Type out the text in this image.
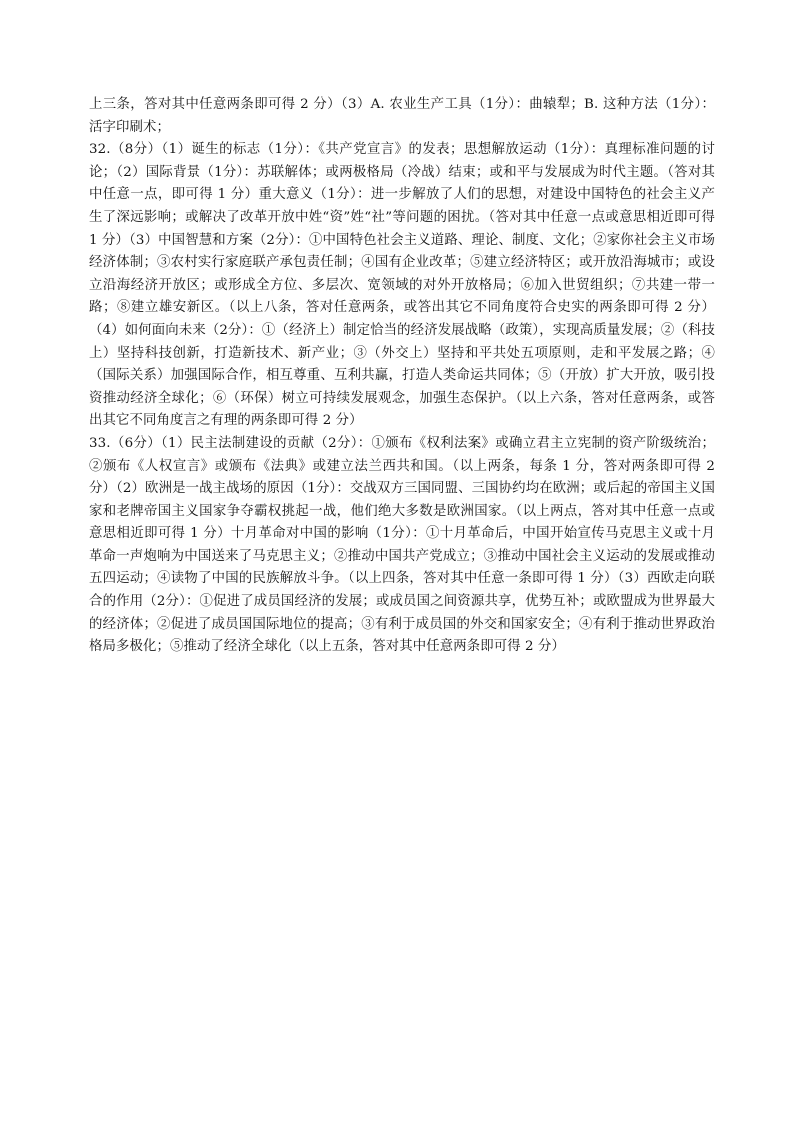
上三条，答对其中任意两条即可得 2 分）（3）A. 农业生产工具（1分）：曲辕犁；B. 这种方法（1分）：活字印刷术；

32.（8分）（1）诞生的标志（1分）：《共产党宣言》的发表；思想解放运动（1分）：真理标准问题的讨论；（2）国际背景（1分）：苏联解体；或两极格局（冷战）结束；或和平与发展成为时代主题。（答对其中任意一点，即可得 1 分）重大意义（1分）：进一步解放了人们的思想，对建设中国特色的社会主义产生了深远影响；或解决了改革开放中姓“资”姓“社”等问题的困扰。（答对其中任意一点或意思相近即可得 1 分）（3）中国智慧和方案（2分）：①中国特色社会主义道路、理论、制度、文化；②家你社会主义市场经济体制；③农村实行家庭联产承包责任制；④国有企业改革；⑤建立经济特区；或开放沿海城市；或设立沿海经济开放区；或形成全方位、多层次、宽领域的对外开放格局；⑥加入世贸组织；⑦共建一带一路；⑧建立雄安新区。（以上八条，答对任意两条，或答出其它不同角度符合史实的两条即可得 2 分）（4）如何面向未来（2分）：①（经济上）制定恰当的经济发展战略（政策），实现高质量发展；②（科技上）坚持科技创新，打造新技术、新产业；③（外交上）坚持和平共处五项原则，走和平发展之路；④（国际关系）加强国际合作，相互尊重、互利共赢，打造人类命运共同体；⑤（开放）扩大开放，吸引投资推动经济全球化；⑥（环保）树立可持续发展观念，加强生态保护。（以上六条，答对任意两条，或答出其它不同角度言之有理的两条即可得 2 分）

33.（6分）（1）民主法制建设的贡献（2分）：①颁布《权利法案》或确立君主立宪制的资产阶级统治；②颁布《人权宣言》或颁布《法典》或建立法兰西共和国。（以上两条，每条 1 分，答对两条即可得 2 分）（2）欧洲是一战主战场的原因（1分）：交战双方三国同盟、三国协约均在欧洲；或后起的帝国主义国家和老牌帝国主义国家争夺霸权挑起一战，他们绝大多数是欧洲国家。（以上两点，答对其中任意一点或意思相近即可得 1 分）十月革命对中国的影响（1分）：①十月革命后，中国开始宣传马克思主义或十月革命一声炮响为中国送来了马克思主义；②推动中国共产党成立；③推动中国社会主义运动的发展或推动五四运动；④读物了中国的民族解放斗争。（以上四条，答对其中任意一条即可得 1 分）（3）西欧走向联合的作用（2分）：①促进了成员国经济的发展；或成员国之间资源共享，优势互补；或欧盟成为世界最大的经济体；②促进了成员国国际地位的提高；③有利于成员国的外交和国家安全；④有利于推动世界政治格局多极化；⑤推动了经济全球化（以上五条，答对其中任意两条即可得 2 分）
